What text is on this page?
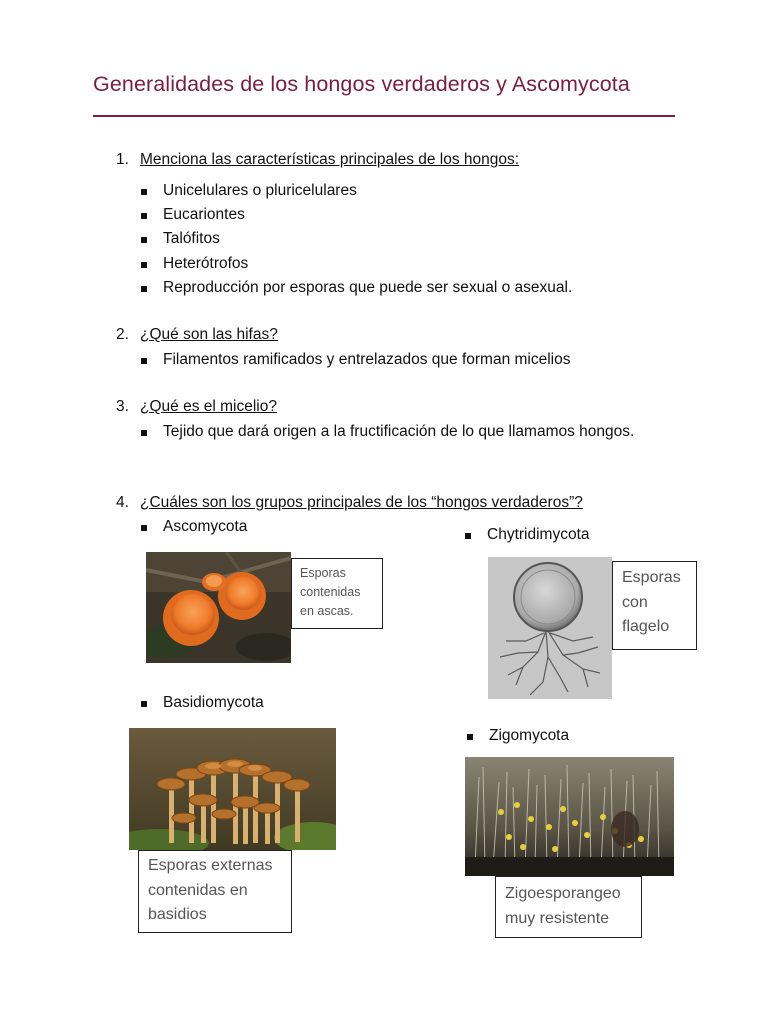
Generalidades de los hongos verdaderos y Ascomycota
1. Menciona las características principales de los hongos:
Unicelulares o pluricelulares
Eucariontes
Talófitos
Heterótrofos
Reproducción por esporas que puede ser sexual o asexual.
2. ¿Qué son las hifas?
Filamentos ramificados y entrelazados que forman micelios
3. ¿Qué es el micelio?
Tejido que dará origen a la fructificación de lo que llamamos hongos.
4. ¿Cuáles son los grupos principales de los “hongos verdaderos”?
Ascomycota
Esporas
contenidas
en ascas.
Chytridimycota
Esporas
con
flagelo
Basidiomycota
Esporas externas
contenidas en
basidios
Zigomycota
Zigoesporangeo
muy resistente
